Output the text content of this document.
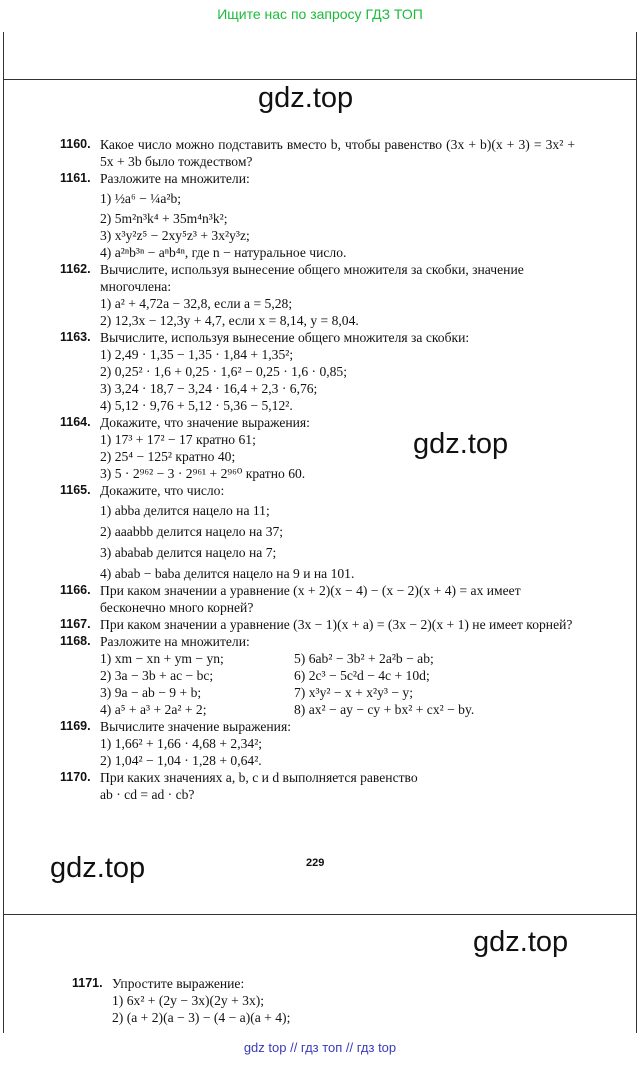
Ищите нас по запросу ГДЗ ТОП
gdz.top
gdz.top
gdz.top
gdz.top
1160. Какое число можно подставить вместо b, чтобы равенство (3x + b)(x + 3) = 3x² + 5x + 3b было тождеством?
1161. Разложите на множители:
1) ½a⁶ − ¼a²b;
2) 5m²n³k⁴ + 35m⁴n³k²;
3) x³y²z⁵ − 2xy⁵z³ + 3x²y³z;
4) a²ⁿb³ⁿ − aⁿb⁴ⁿ, где n − натуральное число.
1162. Вычислите, используя вынесение общего множителя за скобки, значение многочлена:
1) a² + 4,72a − 32,8, если a = 5,28;
2) 12,3x − 12,3y + 4,7, если x = 8,14, y = 8,04.
1163. Вычислите, используя вынесение общего множителя за скобки:
1) 2,49 · 1,35 − 1,35 · 1,84 + 1,35²;
2) 0,25² · 1,6 + 0,25 · 1,6² − 0,25 · 1,6 · 0,85;
3) 3,24 · 18,7 − 3,24 · 16,4 + 2,3 · 6,76;
4) 5,12 · 9,76 + 5,12 · 5,36 − 5,12².
1164. Докажите, что значение выражения:
1) 17³ + 17² − 17 кратно 61;
2) 25⁴ − 125² кратно 40;
3) 5 · 2⁹⁶² − 3 · 2⁹⁶¹ + 2⁹⁶⁰ кратно 60.
1165. Докажите, что число:
1) abba делится нацело на 11;
2) aaabbb делится нацело на 37;
3) ababab делится нацело на 7;
4) abab − baba делится нацело на 9 и на 101.
1166. При каком значении a уравнение (x + 2)(x − 4) − (x − 2)(x + 4) = ax имеет бесконечно много корней?
1167. При каком значении a уравнение (3x − 1)(x + a) = (3x − 2)(x + 1) не имеет корней?
1168. Разложите на множители:
1) xm − xn + ym − yn;
2) 3a − 3b + ac − bc;
3) 9a − ab − 9 + b;
4) a⁵ + a³ + 2a² + 2;
5) 6ab² − 3b² + 2a²b − ab;
6) 2c³ − 5c²d − 4c + 10d;
7) x³y² − x + x²y³ − y;
8) ax² − ay − cy + bx² + cx² − by.
1169. Вычислите значение выражения:
1) 1,66² + 1,66 · 4,68 + 2,34²;
2) 1,04² − 1,04 · 1,28 + 0,64².
1170. При каких значениях a, b, c и d выполняется равенство
ab · cd = ad · cb?
229
1171. Упростите выражение:
1) 6x² + (2y − 3x)(2y + 3x);
2) (a + 2)(a − 3) − (4 − a)(a + 4);
gdz top // гдз топ // гдз top
